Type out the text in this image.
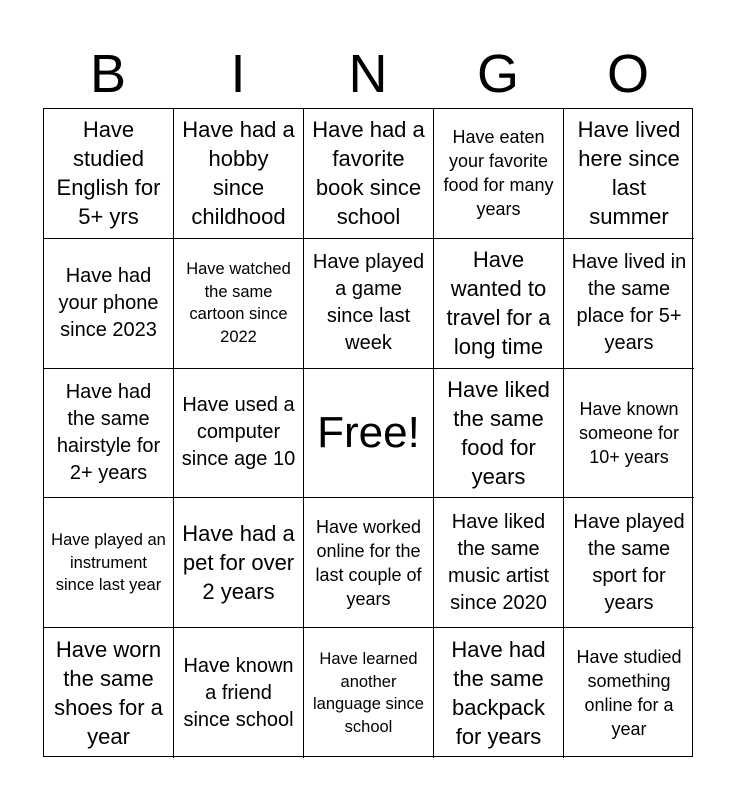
B	I	N	G	O
Have studied English for 5+ yrs
Have had a hobby since childhood
Have had a favorite book since school
Have eaten your favorite food for many years
Have lived here since last summer
Have had your phone since 2023
Have watched the same cartoon since 2022
Have played a game since last week
Have wanted to travel for a long time
Have lived in the same place for 5+ years
Have had the same hairstyle for 2+ years
Have used a computer since age 10
Free!
Have liked the same food for years
Have known someone for 10+ years
Have played an instrument since last year
Have had a pet for over 2 years
Have worked online for the last couple of years
Have liked the same music artist since 2020
Have played the same sport for years
Have worn the same shoes for a year
Have known a friend since school
Have learned another language since school
Have had the same backpack for years
Have studied something online for a year
